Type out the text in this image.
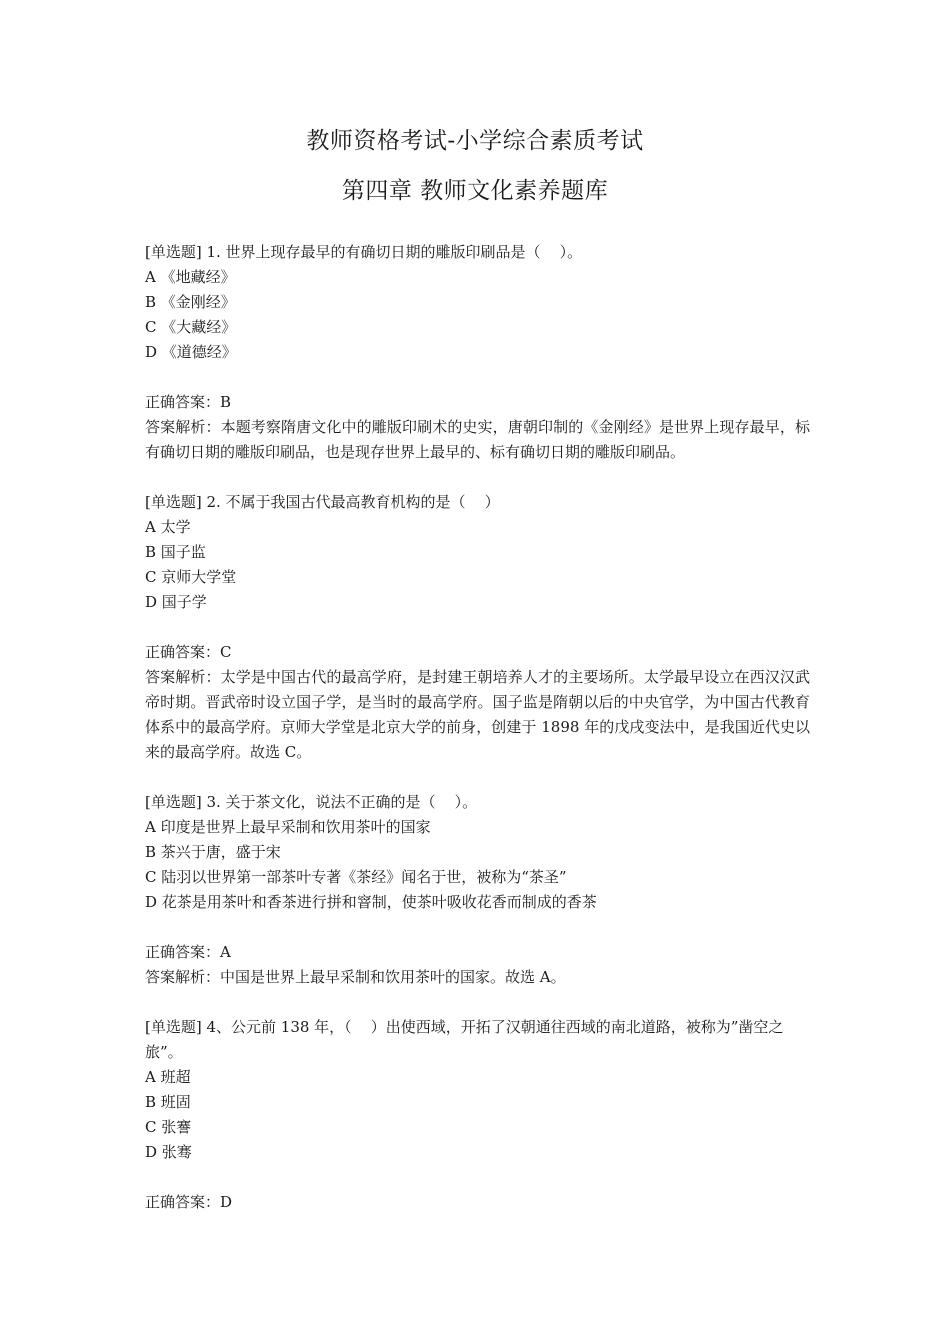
教师资格考试-小学综合素质考试
第四章 教师文化素养题库

[单选题] 1. 世界上现存最早的有确切日期的雕版印刷品是（    ）。

A 《地藏经》

B 《金刚经》

C 《大藏经》

D 《道德经》

正确答案：B

答案解析：本题考察隋唐文化中的雕版印刷术的史实，唐朝印制的《金刚经》是世界上现存最早，标有确切日期的雕版印刷品，也是现存世界上最早的、标有确切日期的雕版印刷品。

[单选题] 2. 不属于我国古代最高教育机构的是（    ）

A 太学

B 国子监

C 京师大学堂

D 国子学

正确答案：C

答案解析：太学是中国古代的最高学府，是封建王朝培养人才的主要场所。太学最早设立在西汉汉武帝时期。晋武帝时设立国子学，是当时的最高学府。国子监是隋朝以后的中央官学，为中国古代教育体系中的最高学府。京师大学堂是北京大学的前身，创建于 1898 年的戊戌变法中，是我国近代史以来的最高学府。故选 C。

[单选题] 3. 关于茶文化，说法不正确的是（    ）。

A 印度是世界上最早采制和饮用茶叶的国家

B 茶兴于唐，盛于宋

C 陆羽以世界第一部茶叶专著《茶经》闻名于世，被称为“茶圣”

D 花茶是用茶叶和香茶进行拼和窨制，使茶叶吸收花香而制成的香茶

正确答案：A

答案解析：中国是世界上最早采制和饮用茶叶的国家。故选 A。

[单选题] 4、公元前 138 年，（    ）出使西域，开拓了汉朝通往西域的南北道路，被称为”凿空之旅”。

A 班超

B 班固

C 张謇

D 张骞

正确答案：D
